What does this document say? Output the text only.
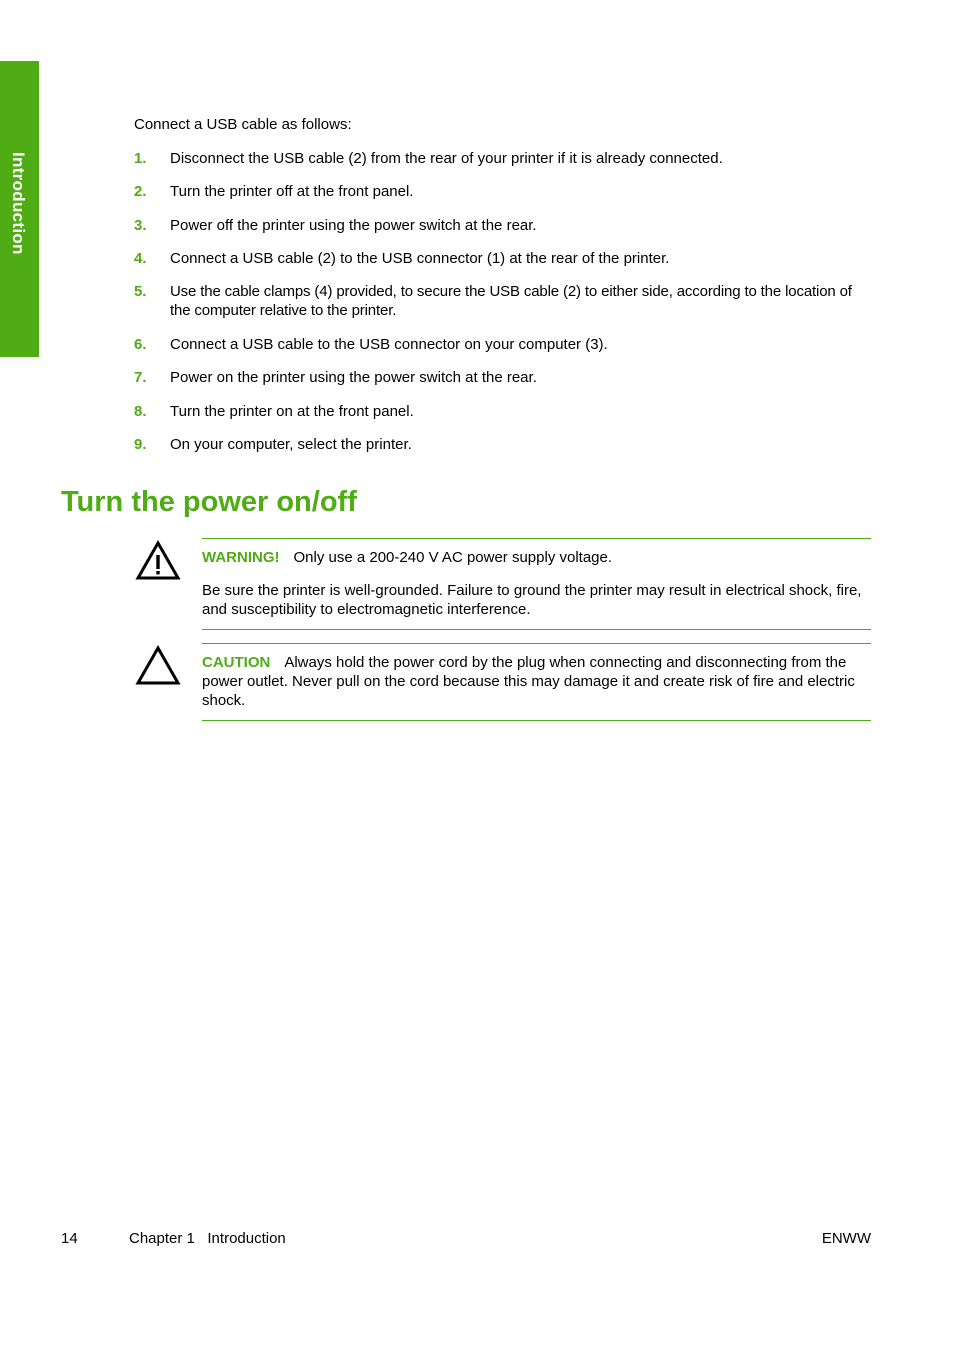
Introduction
Connect a USB cable as follows:
1. Disconnect the USB cable (2) from the rear of your printer if it is already connected.
2. Turn the printer off at the front panel.
3. Power off the printer using the power switch at the rear.
4. Connect a USB cable (2) to the USB connector (1) at the rear of the printer.
5. Use the cable clamps (4) provided, to secure the USB cable (2) to either side, according to the location of the computer relative to the printer.
6. Connect a USB cable to the USB connector on your computer (3).
7. Power on the printer using the power switch at the rear.
8. Turn the printer on at the front panel.
9. On your computer, select the printer.
Turn the power on/off
WARNING! Only use a 200-240 V AC power supply voltage.
Be sure the printer is well-grounded. Failure to ground the printer may result in electrical shock, fire, and susceptibility to electromagnetic interference.
CAUTION Always hold the power cord by the plug when connecting and disconnecting from the power outlet. Never pull on the cord because this may damage it and create risk of fire and electric shock.
14	Chapter 1 Introduction	ENWW
